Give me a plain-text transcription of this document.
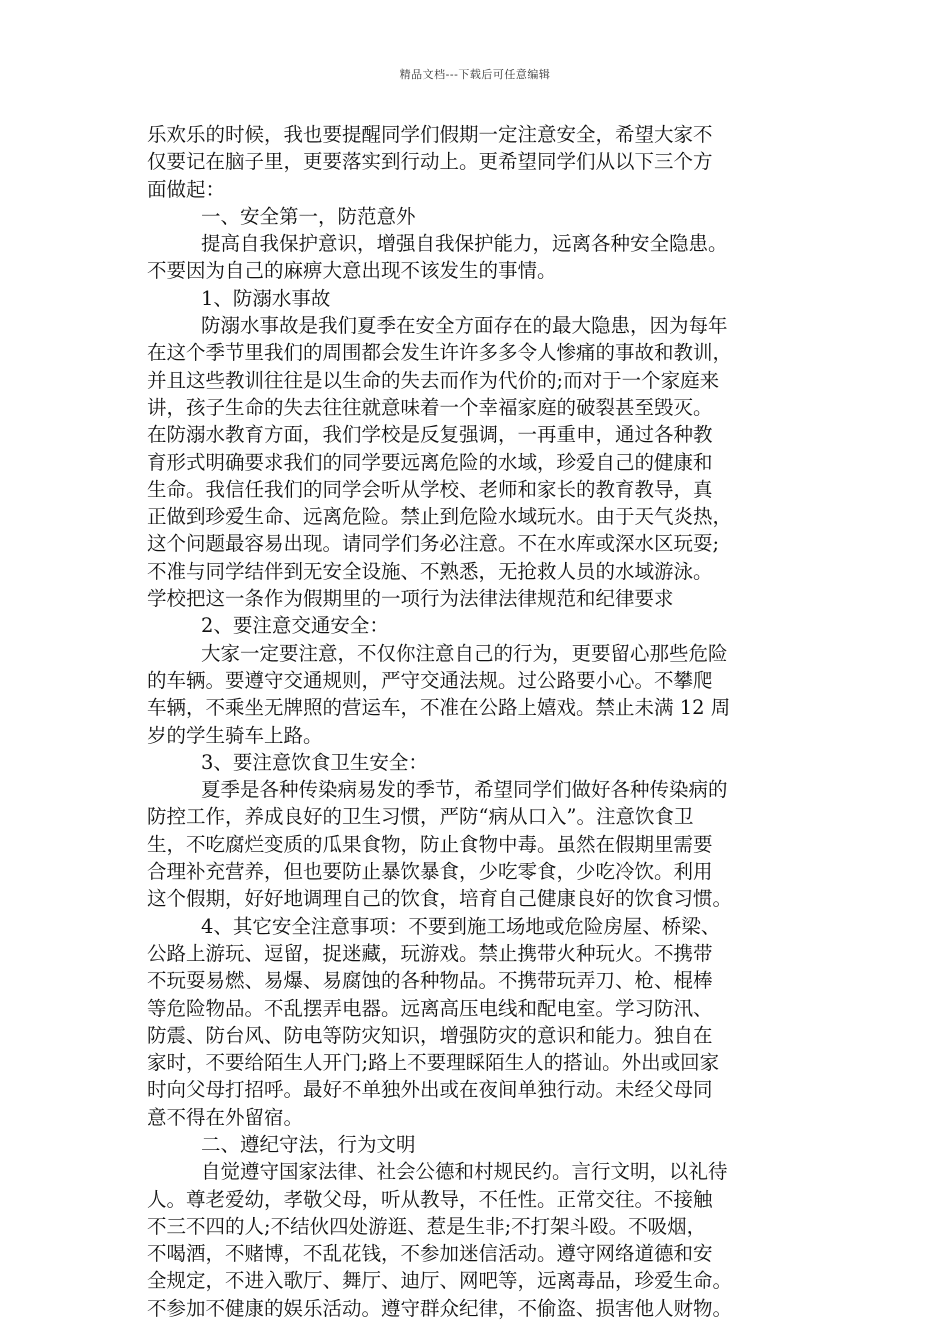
精品文档---下载后可任意编辑
乐欢乐的时候，我也要提醒同学们假期一定注意安全，希望大家不
仅要记在脑子里，更要落实到行动上。更希望同学们从以下三个方
面做起：
一、安全第一，防范意外
提高自我保护意识，增强自我保护能力，远离各种安全隐患。
不要因为自己的麻痹大意出现不该发生的事情。
1、防溺水事故
防溺水事故是我们夏季在安全方面存在的最大隐患，因为每年
在这个季节里我们的周围都会发生许许多多令人惨痛的事故和教训，
并且这些教训往往是以生命的失去而作为代价的;而对于一个家庭来
讲，孩子生命的失去往往就意味着一个幸福家庭的破裂甚至毁灭。
在防溺水教育方面，我们学校是反复强调，一再重申，通过各种教
育形式明确要求我们的同学要远离危险的水域，珍爱自己的健康和
生命。我信任我们的同学会听从学校、老师和家长的教育教导，真
正做到珍爱生命、远离危险。禁止到危险水域玩水。由于天气炎热，
这个问题最容易出现。请同学们务必注意。不在水库或深水区玩耍;
不准与同学结伴到无安全设施、不熟悉，无抢救人员的水域游泳。
学校把这一条作为假期里的一项行为法律法律规范和纪律要求
2、要注意交通安全：
大家一定要注意，不仅你注意自己的行为，更要留心那些危险
的车辆。要遵守交通规则，严守交通法规。过公路要小心。不攀爬
车辆，不乘坐无牌照的营运车，不准在公路上嬉戏。禁止未满 12 周
岁的学生骑车上路。
3、要注意饮食卫生安全：
夏季是各种传染病易发的季节，希望同学们做好各种传染病的
防控工作，养成良好的卫生习惯，严防“病从口入”。注意饮食卫
生，不吃腐烂变质的瓜果食物，防止食物中毒。虽然在假期里需要
合理补充营养，但也要防止暴饮暴食，少吃零食，少吃冷饮。利用
这个假期，好好地调理自己的饮食，培育自己健康良好的饮食习惯。
4、其它安全注意事项：不要到施工场地或危险房屋、桥梁、
公路上游玩、逗留，捉迷藏，玩游戏。禁止携带火种玩火。不携带
不玩耍易燃、易爆、易腐蚀的各种物品。不携带玩弄刀、枪、棍棒
等危险物品。不乱摆弄电器。远离高压电线和配电室。学习防汛、
防震、防台风、防电等防灾知识，增强防灾的意识和能力。独自在
家时，不要给陌生人开门;路上不要理睬陌生人的搭讪。外出或回家
时向父母打招呼。最好不单独外出或在夜间单独行动。未经父母同
意不得在外留宿。
二、遵纪守法，行为文明
自觉遵守国家法律、社会公德和村规民约。言行文明，以礼待
人。尊老爱幼，孝敬父母，听从教导，不任性。正常交往。不接触
不三不四的人;不结伙四处游逛、惹是生非;不打架斗殴。不吸烟，
不喝酒，不赌博，不乱花钱，不参加迷信活动。遵守网络道德和安
全规定，不进入歌厅、舞厅、迪厅、网吧等，远离毒品，珍爱生命。
不参加不健康的娱乐活动。遵守群众纪律，不偷盗、损害他人财物。
